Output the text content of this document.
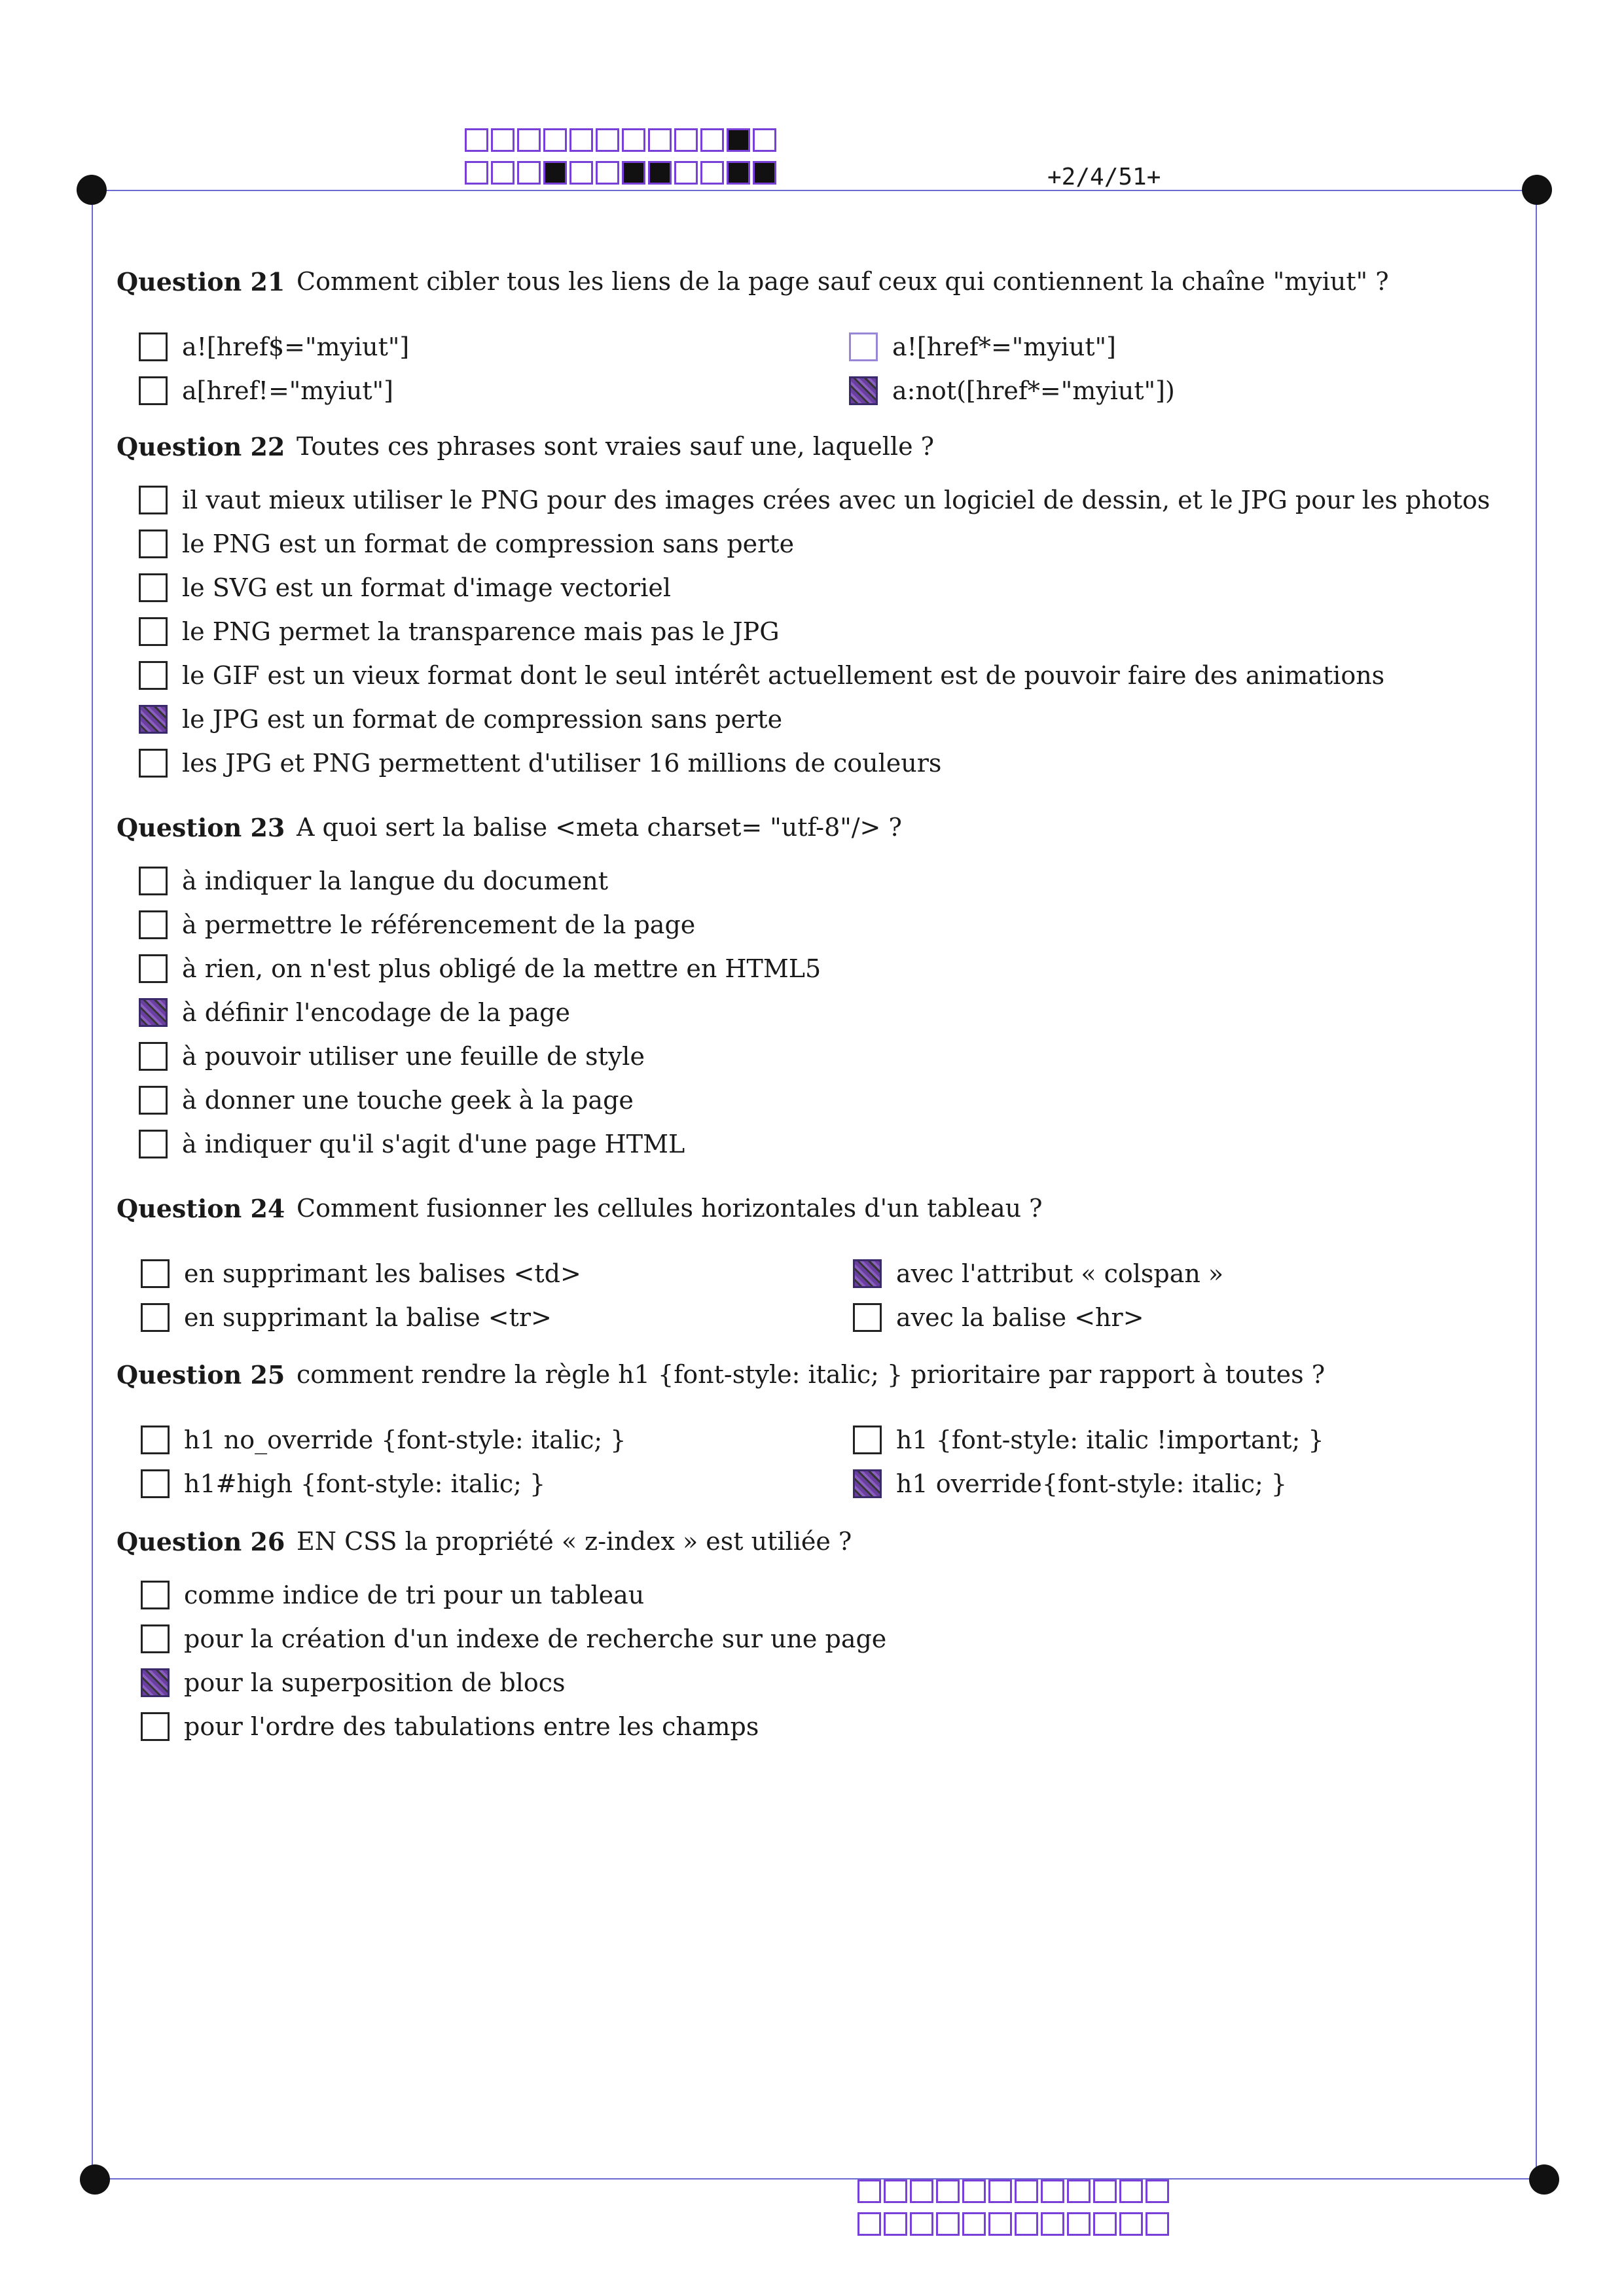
+2/4/51+
Question 21 Comment cibler tous les liens de la page sauf ceux qui contiennent la chaîne "myiut" ?
a![href$="myiut"]	a![href*="myiut"]
a[href!="myiut"]	a:not([href*="myiut"])
Question 22 Toutes ces phrases sont vraies sauf une, laquelle ?
il vaut mieux utiliser le PNG pour des images crées avec un logiciel de dessin, et le JPG pour les photos
le PNG est un format de compression sans perte
le SVG est un format d'image vectoriel
le PNG permet la transparence mais pas le JPG
le GIF est un vieux format dont le seul intérêt actuellement est de pouvoir faire des animations
le JPG est un format de compression sans perte
les JPG et PNG permettent d'utiliser 16 millions de couleurs
Question 23 A quoi sert la balise <meta charset= "utf-8"/> ?
à indiquer la langue du document
à permettre le référencement de la page
à rien, on n'est plus obligé de la mettre en HTML5
à définir l'encodage de la page
à pouvoir utiliser une feuille de style
à donner une touche geek à la page
à indiquer qu'il s'agit d'une page HTML
Question 24 Comment fusionner les cellules horizontales d'un tableau ?
en supprimant les balises <td>	avec l'attribut « colspan »
en supprimant la balise <tr>	avec la balise <hr>
Question 25 comment rendre la règle h1 {font-style: italic; } prioritaire par rapport à toutes ?
h1 no_override {font-style: italic; }	h1 {font-style: italic !important; }
h1#high {font-style: italic; }	h1 override{font-style: italic; }
Question 26 EN CSS la propriété « z-index » est utiliée ?
comme indice de tri pour un tableau
pour la création d'un indexe de recherche sur une page
pour la superposition de blocs
pour l'ordre des tabulations entre les champs
